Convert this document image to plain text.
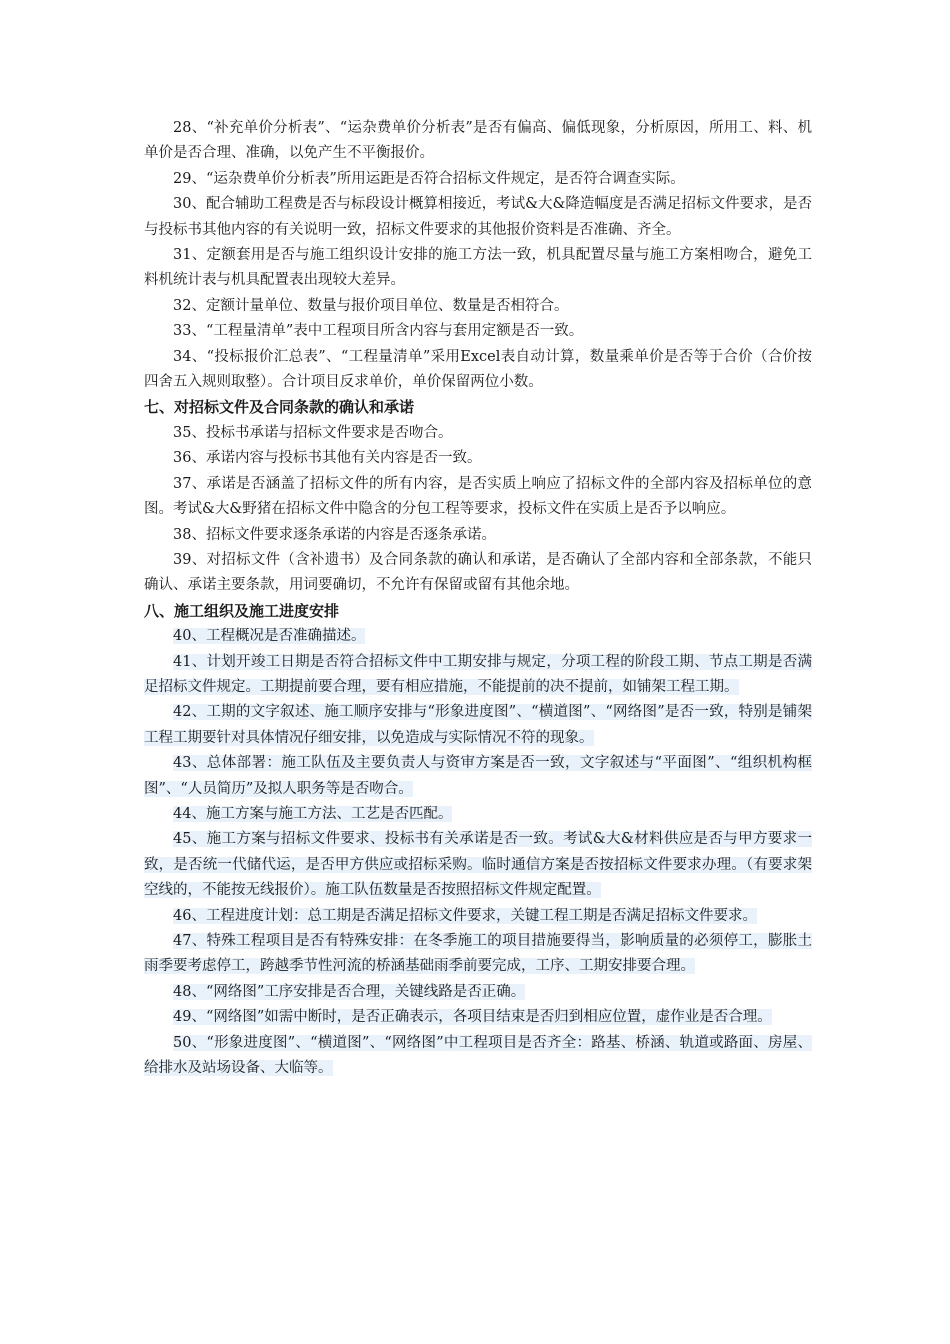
28、“补充单价分析表”、“运杂费单价分析表”是否有偏高、偏低现象，分析原因，所用工、料、机单价是否合理、准确，以免产生不平衡报价。

29、“运杂费单价分析表”所用运距是否符合招标文件规定，是否符合调查实际。

30、配合辅助工程费是否与标段设计概算相接近，考试&大&降造幅度是否满足招标文件要求，是否与投标书其他内容的有关说明一致，招标文件要求的其他报价资料是否准确、齐全。

31、定额套用是否与施工组织设计安排的施工方法一致，机具配置尽量与施工方案相吻合，避免工料机统计表与机具配置表出现较大差异。

32、定额计量单位、数量与报价项目单位、数量是否相符合。

33、“工程量清单”表中工程项目所含内容与套用定额是否一致。

34、“投标报价汇总表”、“工程量清单”采用Excel表自动计算，数量乘单价是否等于合价（合价按四舍五入规则取整）。合计项目反求单价，单价保留两位小数。

七、对招标文件及合同条款的确认和承诺

35、投标书承诺与招标文件要求是否吻合。

36、承诺内容与投标书其他有关内容是否一致。

37、承诺是否涵盖了招标文件的所有内容，是否实质上响应了招标文件的全部内容及招标单位的意图。考试&大&野猪在招标文件中隐含的分包工程等要求，投标文件在实质上是否予以响应。

38、招标文件要求逐条承诺的内容是否逐条承诺。

39、对招标文件（含补遗书）及合同条款的确认和承诺，是否确认了全部内容和全部条款，不能只确认、承诺主要条款，用词要确切，不允许有保留或留有其他余地。

八、施工组织及施工进度安排

40、工程概况是否准确描述。

41、计划开竣工日期是否符合招标文件中工期安排与规定，分项工程的阶段工期、节点工期是否满足招标文件规定。工期提前要合理，要有相应措施，不能提前的决不提前，如铺架工程工期。

42、工期的文字叙述、施工顺序安排与“形象进度图”、“横道图”、“网络图”是否一致，特别是铺架工程工期要针对具体情况仔细安排，以免造成与实际情况不符的现象。

43、总体部署：施工队伍及主要负责人与资审方案是否一致，文字叙述与“平面图”、“组织机构框图”、“人员简历”及拟人职务等是否吻合。

44、施工方案与施工方法、工艺是否匹配。

45、施工方案与招标文件要求、投标书有关承诺是否一致。考试&大&材料供应是否与甲方要求一致，是否统一代储代运，是否甲方供应或招标采购。临时通信方案是否按招标文件要求办理。（有要求架空线的，不能按无线报价）。施工队伍数量是否按照招标文件规定配置。

46、工程进度计划：总工期是否满足招标文件要求，关键工程工期是否满足招标文件要求。

47、特殊工程项目是否有特殊安排：在冬季施工的项目措施要得当，影响质量的必须停工，膨胀土雨季要考虑停工，跨越季节性河流的桥涵基础雨季前要完成，工序、工期安排要合理。

48、“网络图”工序安排是否合理，关键线路是否正确。

49、“网络图”如需中断时，是否正确表示，各项目结束是否归到相应位置，虚作业是否合理。

50、“形象进度图”、“横道图”、“网络图”中工程项目是否齐全：路基、桥涵、轨道或路面、房屋、给排水及站场设备、大临等。
